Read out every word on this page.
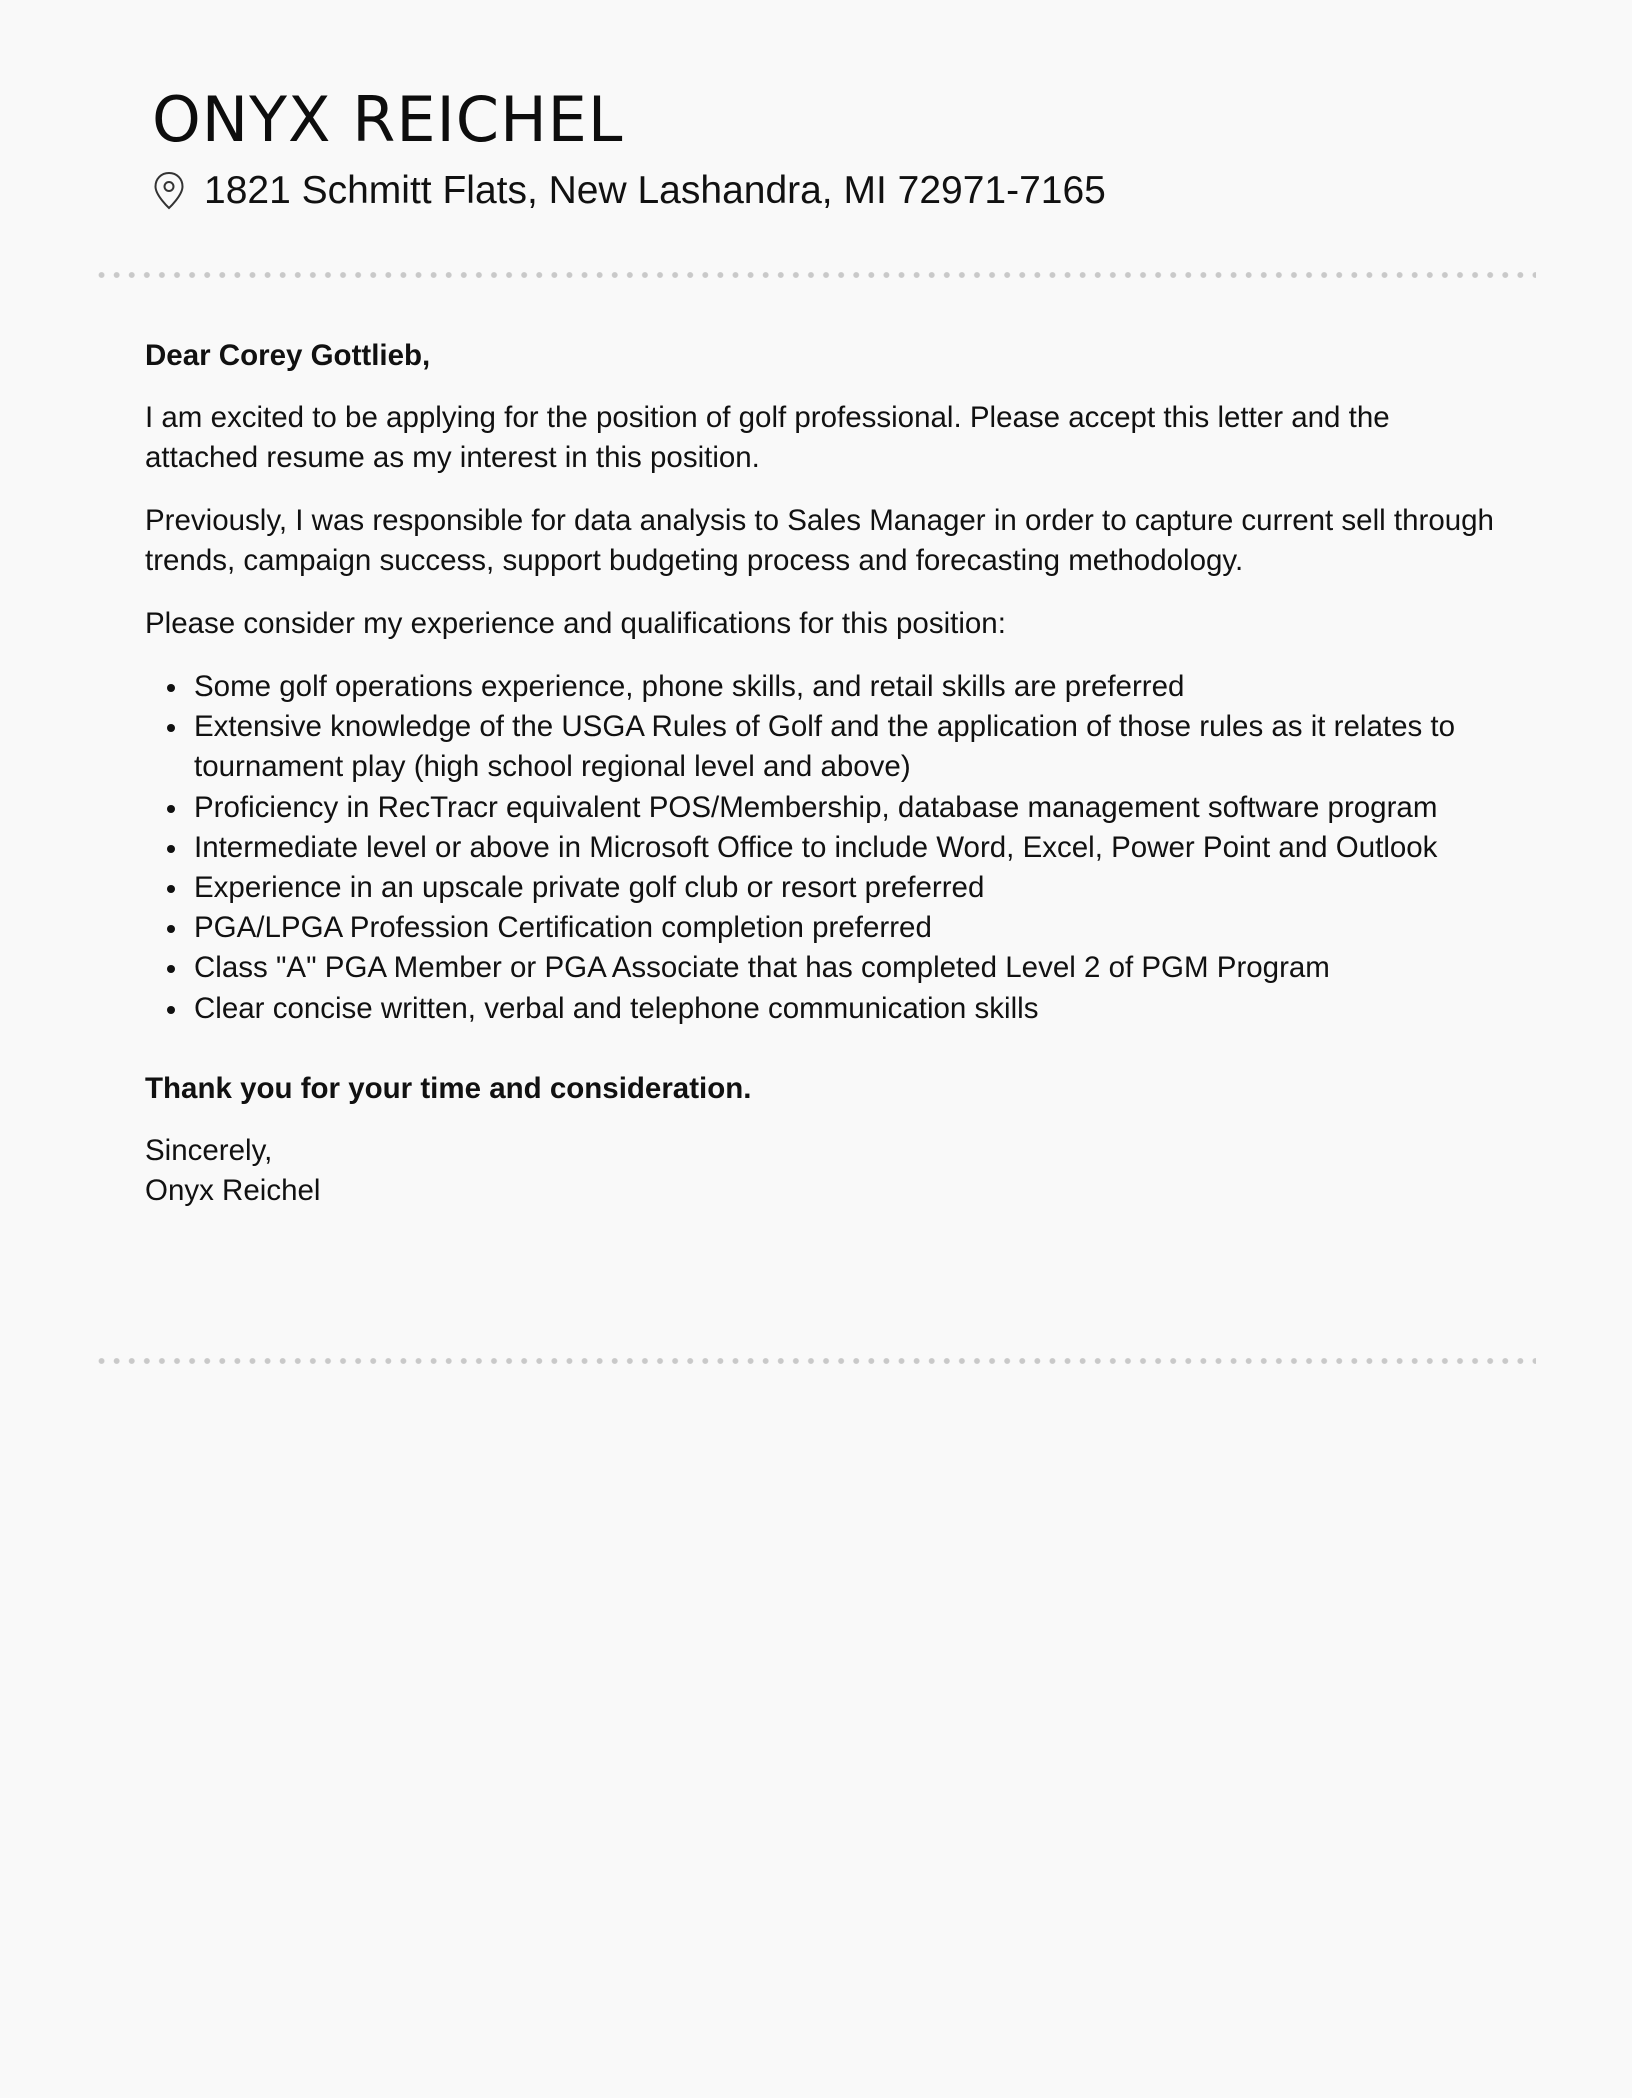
ONYX REICHEL
1821 Schmitt Flats, New Lashandra, MI 72971-7165

Dear Corey Gottlieb,

I am excited to be applying for the position of golf professional. Please accept this letter and the attached resume as my interest in this position.

Previously, I was responsible for data analysis to Sales Manager in order to capture current sell through trends, campaign success, support budgeting process and forecasting methodology.

Please consider my experience and qualifications for this position:

Some golf operations experience, phone skills, and retail skills are preferred
Extensive knowledge of the USGA Rules of Golf and the application of those rules as it relates to tournament play (high school regional level and above)
Proficiency in RecTracr equivalent POS/Membership, database management software program
Intermediate level or above in Microsoft Office to include Word, Excel, Power Point and Outlook
Experience in an upscale private golf club or resort preferred
PGA/LPGA Profession Certification completion preferred
Class "A" PGA Member or PGA Associate that has completed Level 2 of PGM Program
Clear concise written, verbal and telephone communication skills

Thank you for your time and consideration.

Sincerely,

Onyx Reichel
